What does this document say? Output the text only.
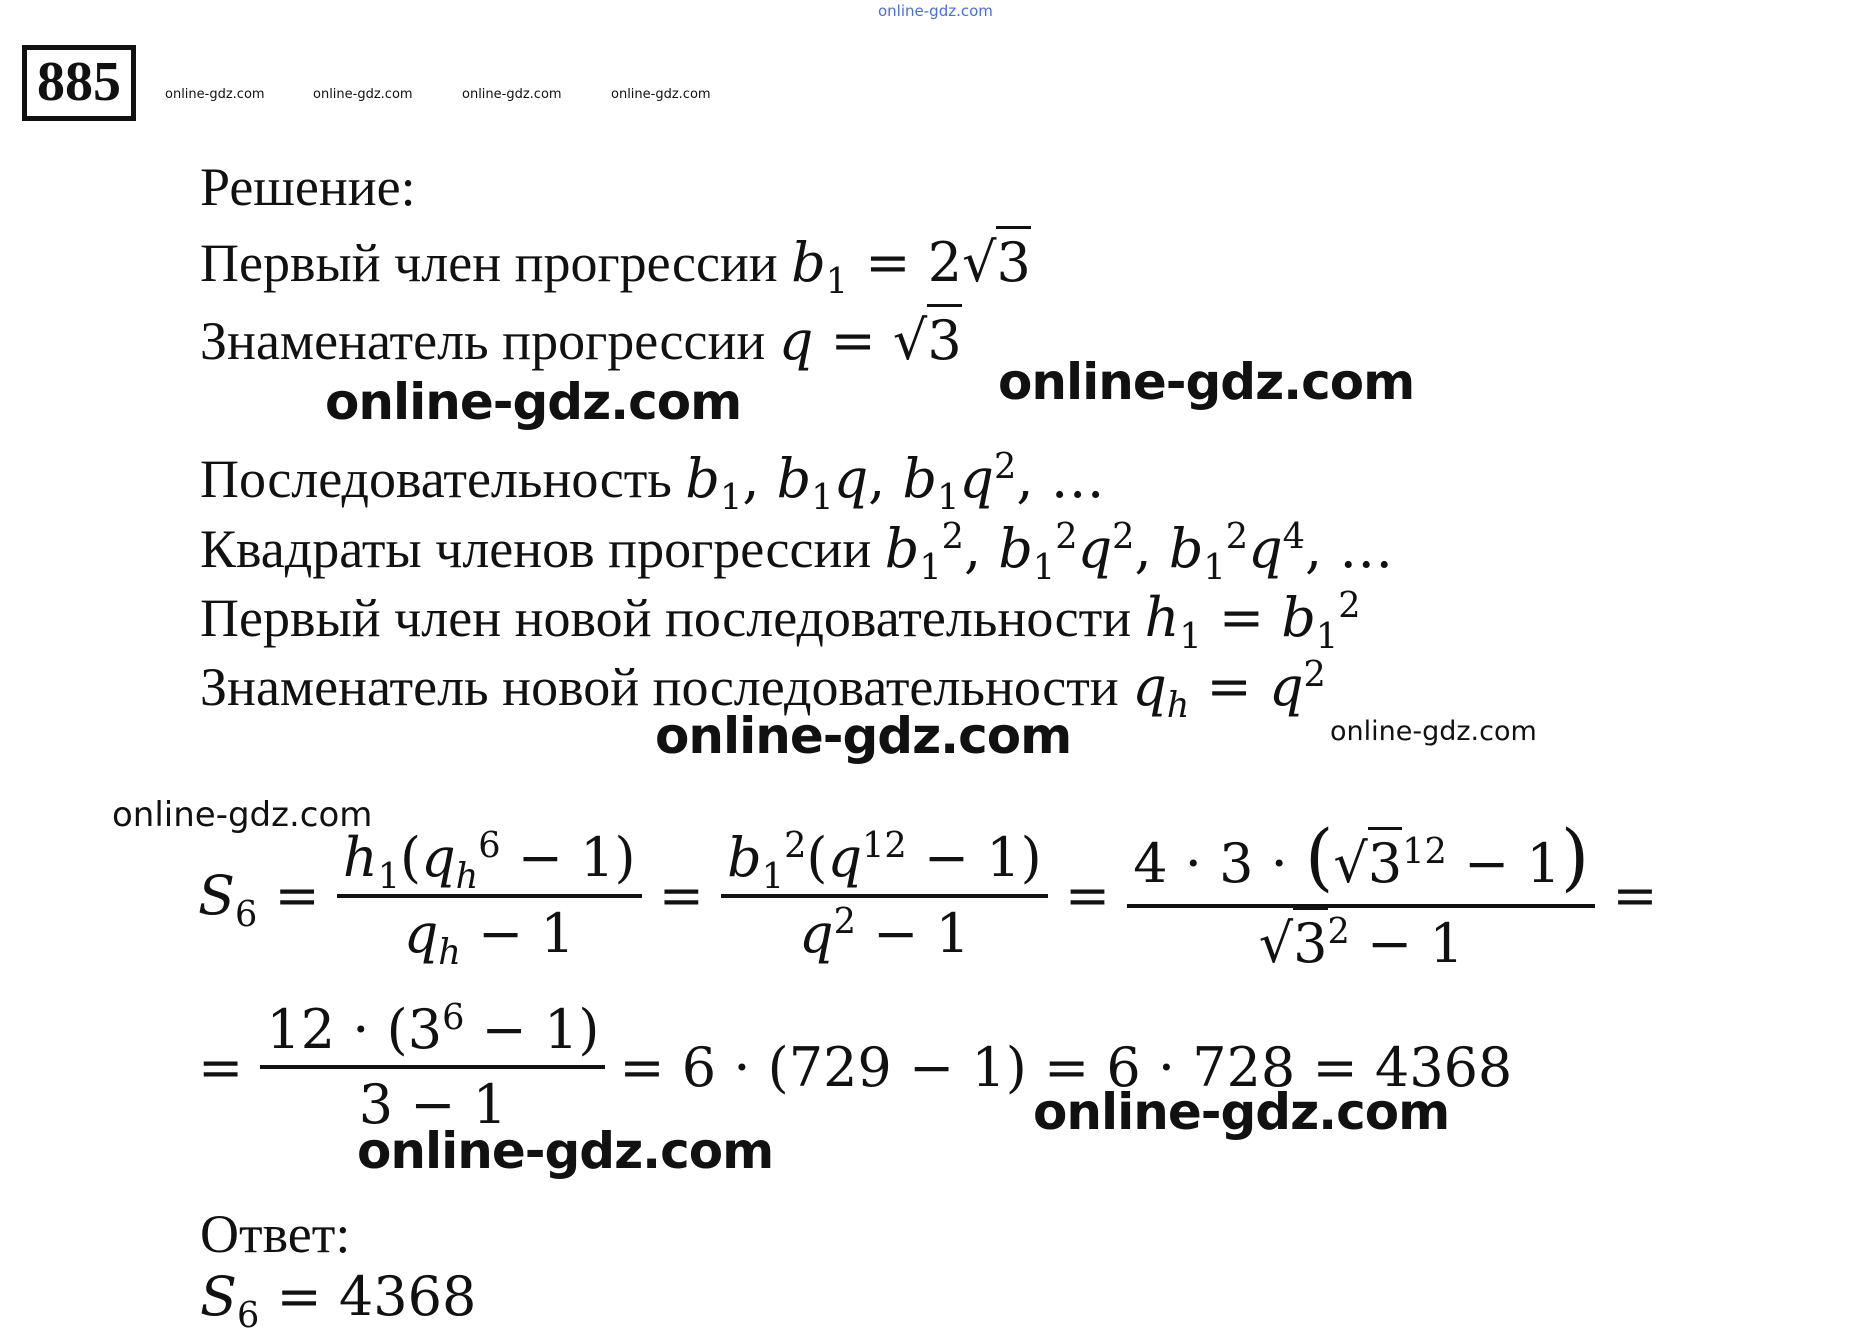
online-gdz.com
885	online-gdz.com	online-gdz.com	online-gdz.com	online-gdz.com
Решение:
Первый член прогрессии $b_1 = 2√3$
Знаменатель прогрессии q = √3
online-gdz.com	online-gdz.com
Последовательность $b_1$, $b_1q$, $b_1q^2$, …
Квадраты членов прогрессии $b_1^2$, $b_1^2q^2$, $b_1^2q^4$, …
Первый член новой последовательности $h_1 = b_1^2$
Знаменатель новой последовательности $q_h = q^2$
online-gdz.com	online-gdz.com
online-gdz.com
$S_6 = \frac{h_1(q_h^6 - 1)}{q_h - 1} = \frac{b_1^2(q^{12} - 1)}{q^2 - 1} = \frac{4 \cdot 3 \cdot (√3^{12} - 1)}{√3^2 - 1}$ =
= $\frac{12 \cdot (3^6 - 1)}{3 - 1} = 6 \cdot (729 - 1) = 6 \cdot 728 = 4368$
online-gdz.com
online-gdz.com
Ответ:
$S_6 = 4368$
